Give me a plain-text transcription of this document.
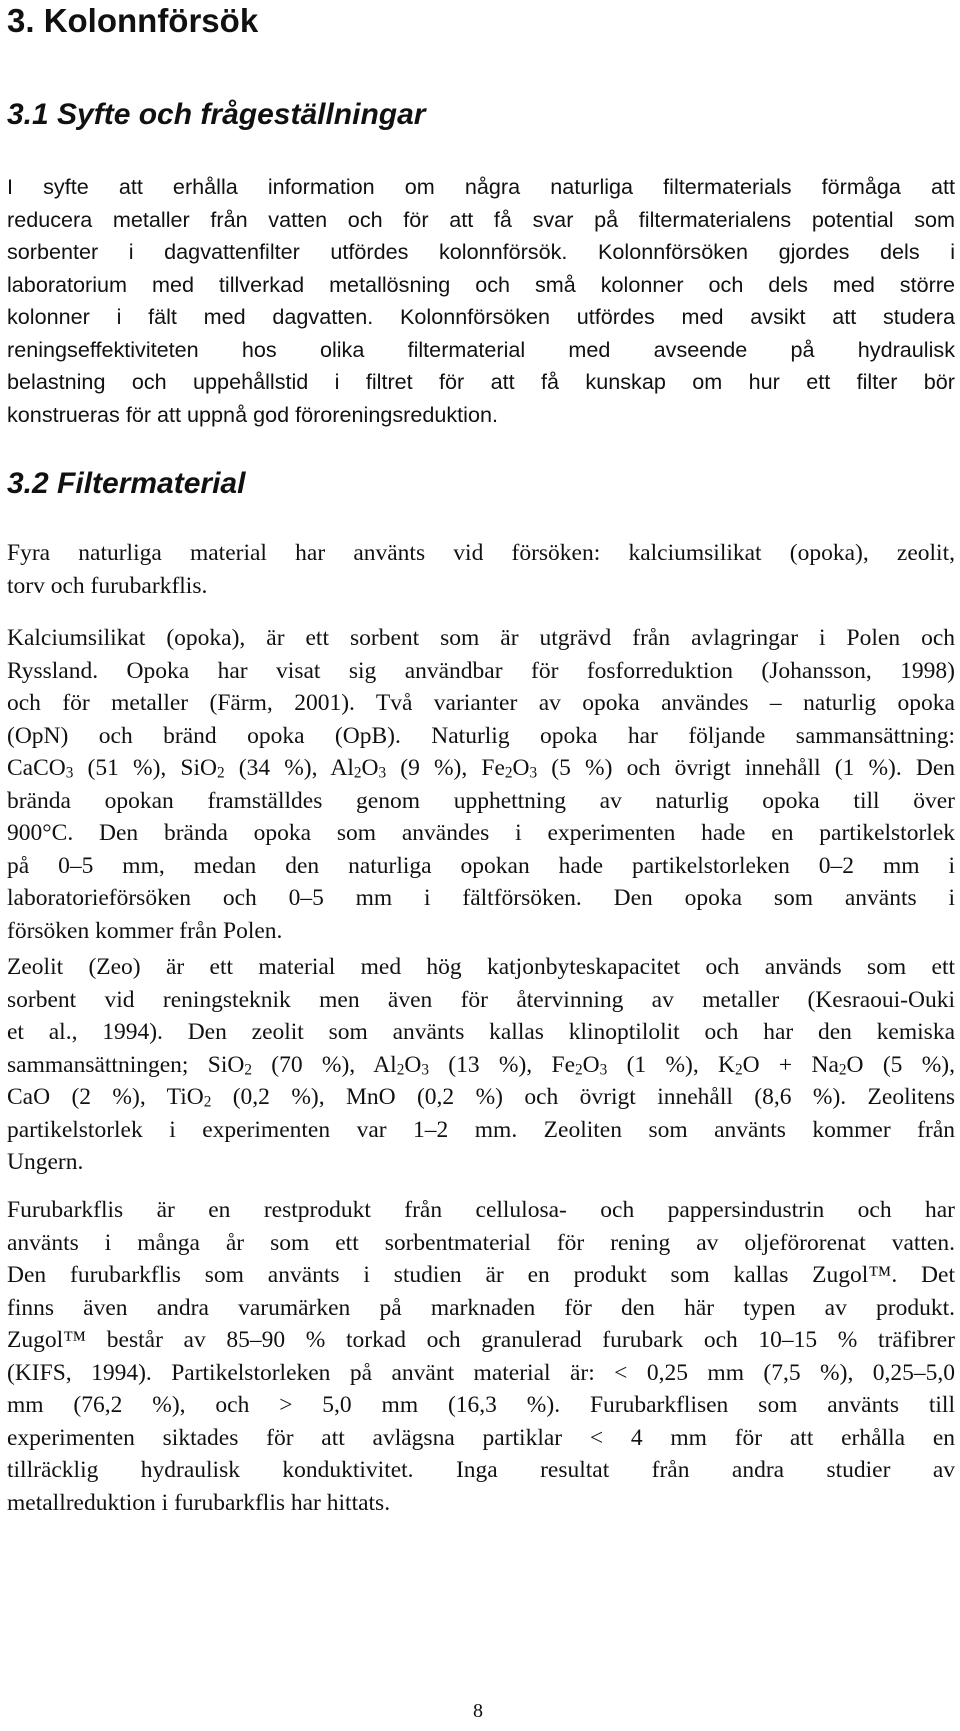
3. Kolonnförsök
3.1 Syfte och frågeställningar
I syfte att erhålla information om några naturliga filtermaterials förmåga att
reducera metaller från vatten och för att få svar på filtermaterialens potential som
sorbenter i dagvattenfilter utfördes kolonnförsök. Kolonnförsöken gjordes dels i
laboratorium med tillverkad metallösning och små kolonner och dels med större
kolonner i fält med dagvatten. Kolonnförsöken utfördes med avsikt att studera
reningseffektiviteten hos olika filtermaterial med avseende på hydraulisk
belastning och uppehållstid i filtret för att få kunskap om hur ett filter bör
konstrueras för att uppnå god föroreningsreduktion.
3.2 Filtermaterial
Fyra naturliga material har använts vid försöken: kalciumsilikat (opoka), zeolit,
torv och furubarkflis.
Kalciumsilikat (opoka), är ett sorbent som är utgrävd från avlagringar i Polen och
Ryssland. Opoka har visat sig användbar för fosforreduktion (Johansson, 1998)
och för metaller (Färm, 2001). Två varianter av opoka användes – naturlig opoka
(OpN) och bränd opoka (OpB). Naturlig opoka har följande sammansättning:
CaCO$_3$ (51 %), SiO$_2$ (34 %), $Al_2O_3$ (9 %), $Fe_2O_3$ (5 %) och övrigt innehåll (1 %). Den
brända opokan framställdes genom upphettning av naturlig opoka till över
900°C. Den brända opoka som användes i experimenten hade en partikelstorlek
på 0–5 mm, medan den naturliga opokan hade partikelstorleken 0–2 mm i
laboratorieförsöken och 0–5 mm i fältförsöken. Den opoka som använts i
försöken kommer från Polen.
Zeolit (Zeo) är ett material med hög katjonbyteskapacitet och används som ett
sorbent vid reningsteknik men även för återvinning av metaller (Kesraoui-Ouki
et al., 1994). Den zeolit som använts kallas klinoptilolit och har den kemiska
sammansättningen; SiO$_2$ (70 %), $Al_2O_3$ (13 %), $Fe_2O_3$ (1 %), $K_2O + Na_2O$ (5 %),
CaO (2 %), TiO$_2$ (0,2 %), MnO (0,2 %) och övrigt innehåll (8,6 %). Zeolitens
partikelstorlek i experimenten var 1–2 mm. Zeoliten som använts kommer från
Ungern.
Furubarkflis är en restprodukt från cellulosa- och pappersindustrin och har
använts i många år som ett sorbentmaterial för rening av oljeförorenat vatten.
Den furubarkflis som använts i studien är en produkt som kallas Zugol™. Det
finns även andra varumärken på marknaden för den här typen av produkt.
Zugol™ består av 85–90 % torkad och granulerad furubark och 10–15 % träfibrer
(KIFS, 1994). Partikelstorleken på använt material är: < 0,25 mm (7,5 %), 0,25–5,0
mm (76,2 %), och > 5,0 mm (16,3 %). Furubarkflisen som använts till
experimenten siktades för att avlägsna partiklar < 4 mm för att erhålla en
tillräcklig hydraulisk konduktivitet. Inga resultat från andra studier av
metallreduktion i furubarkflis har hittats.
8
